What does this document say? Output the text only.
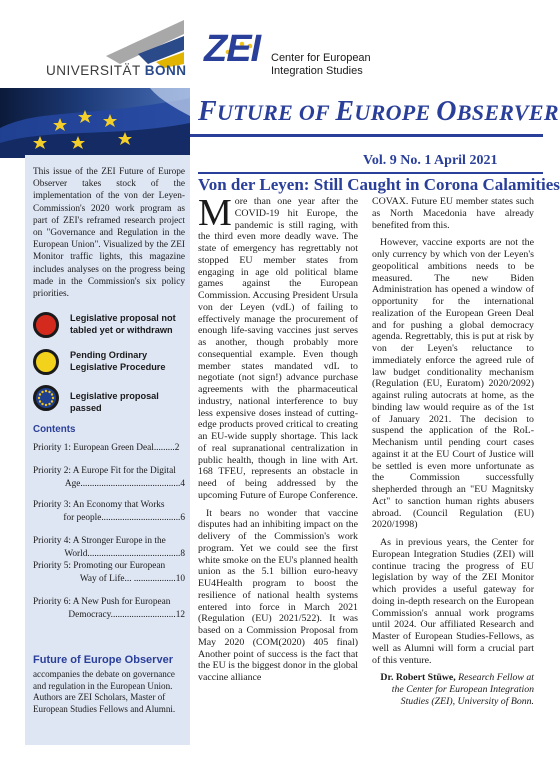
UNIVERSITÄT BONN
ZEI Center for European
Integration Studies
FUTURE OF EUROPE OBSERVER

This issue of the ZEI Future of Europe Observer takes stock of the implementation of the von der Leyen-Commission's 2020 work program as part of ZEI's reframed research project on "Governance and Regulation in the European Union". Visualized by the ZEI Monitor traffic lights, this magazine includes analyses on the progress being made in the Commission's six policy priorities.

Legislative proposal not tabled yet or withdrawn
Pending Ordinary Legislative Procedure
Legislative proposal passed
Contents
Priority 1: European Green Deal.........2
Priority 2: A Europe Fit for the Digital
Age...........................................4
Priority 3: An Economy that Works
for people..................................6
Priority 4: A Stronger Europe in the
World........................................8
Priority 5: Promoting our European
Way of Life... ..................10
Priority 6: A New Push for European
Democracy............................12
Future of Europe Observer

accompanies the debate on governance and regulation in the European Union. Authors are ZEI Scholars, Master of European Studies Fellows and Alumni.

Vol. 9 No. 1 April 2021
Von der Leyen: Still Caught in Corona Calamities

More than one year after the COVID-19 hit Europe, the pandemic is still raging, with the third even more deadly wave. The state of emergency has regrettably not stopped EU member states from engaging in age old political blame games against the European Commission. Accusing President Ursula von der Leyen (vdL) of failing to effectively manage the procurement of enough life-saving vaccines just serves as another, though probably more consequential example. Even though member states mandated vdL to negotiate (not sign!) advance purchase agreements with the pharmaceutical industry, national interference to buy less expensive doses instead of cutting-edge products proved critical to creating an EU-wide supply shortage. This lack of real supranational centralization in public health, though in line with Art. 168 TFEU, represents an obstacle in need of being addressed by the upcoming Future of Europe Conference.

It bears no wonder that vaccine disputes had an inhibiting impact on the delivery of the Commission's work program. Yet we could see the first white smoke on the EU's planned health union as the 5.1 billion euro-heavy EU4Health program to boost the resilience of national health systems entered into force in March 2021 (Regulation (EU) 2021/522). It was based on a Commission Proposal from May 2020 (COM(2020) 405 final) Another point of success is the fact that the EU is the biggest donor in the global vaccine alliance

COVAX. Future EU member states such as North Macedonia have already benefited from this.

However, vaccine exports are not the only currency by which von der Leyen's geopolitical ambitions needs to be measured. The new Biden Administration has opened a window of opportunity for the international realization of the European Green Deal and for pushing a global democracy agenda. Regrettably, this is put at risk by von der Leyen's reluctance to immediately enforce the agreed rule of law budget conditionality mechanism (Regulation (EU, Euratom) 2020/2092) against ruling autocrats at home, as the binding law would require as of the 1st of January 2021. The decision to suspend the application of the RoL-Mechanism until pending court cases against it at the EU Court of Justice will be settled is even more unfortunate as the Commission successfully shepherded through an "EU Magnitsky Act" to sanction human rights abusers abroad. (Council Regulation (EU) 2020/1998)

As in previous years, the Center for European Integration Studies (ZEI) will continue tracing the progress of EU legislation by way of the ZEI Monitor which provides a useful gateway for doing in-depth research on the European Commission's annual work programs until 2024. Our affiliated Research and Master of European Studies-Fellows, as well as Alumni will form a crucial part of this venture.

Dr. Robert Stüwe, Research Fellow at the Center for European Integration Studies (ZEI), University of Bonn.
